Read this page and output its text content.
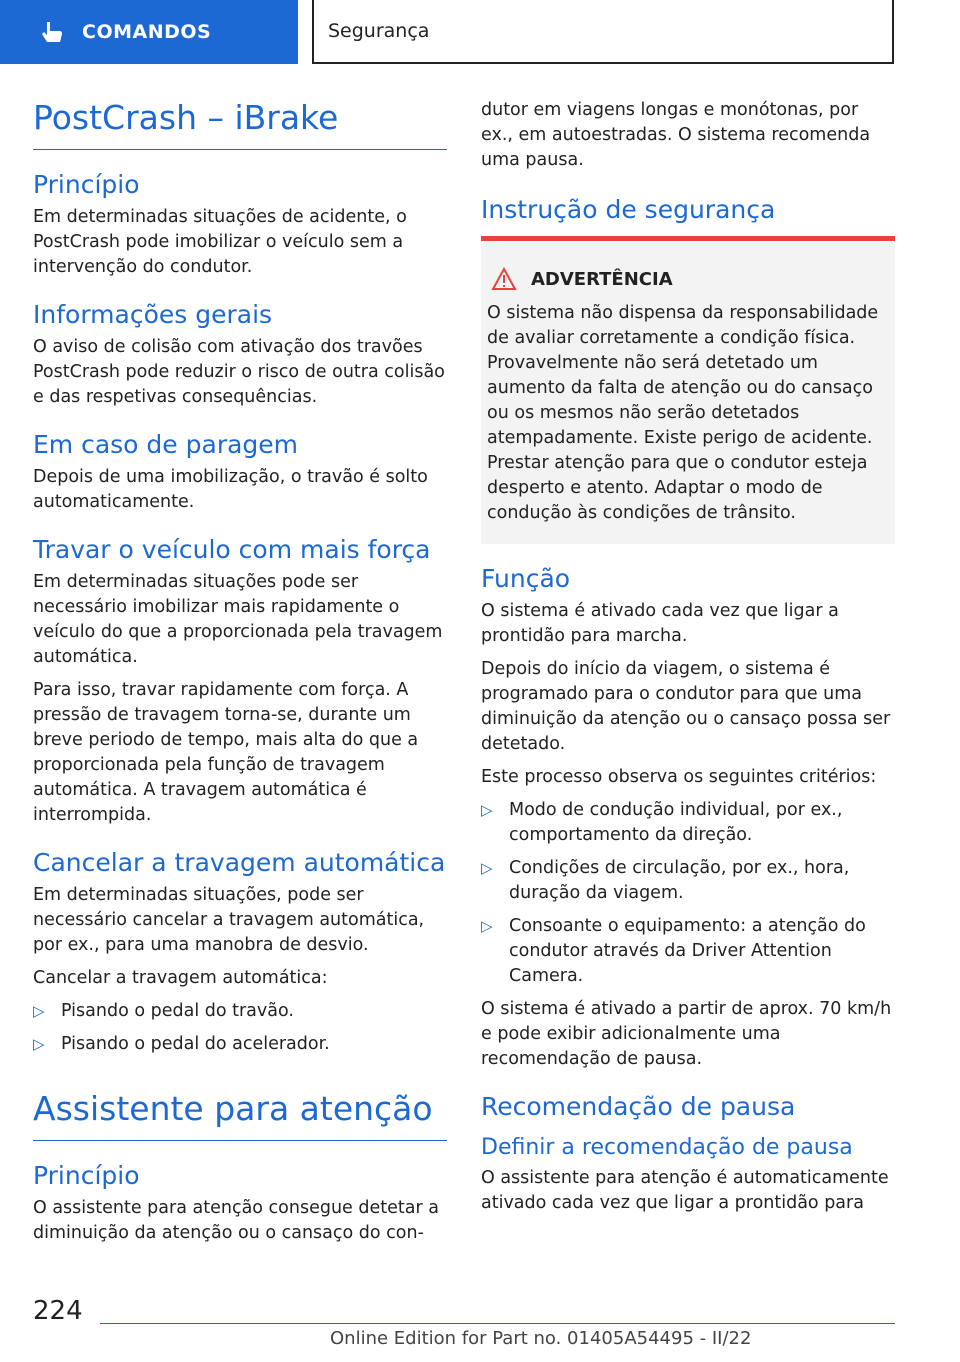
COMANDOS	Segurança
PostCrash – iBrake
Princípio

Em determinadas situações de acidente, o PostCrash pode imobilizar o veículo sem a intervenção do condutor.

Informações gerais

O aviso de colisão com ativação dos travões PostCrash pode reduzir o risco de outra colisão e das respetivas consequências.

Em caso de paragem

Depois de uma imobilização, o travão é solto automaticamente.

Travar o veículo com mais força

Em determinadas situações pode ser necessário imobilizar mais rapidamente o veículo do que a proporcionada pela travagem automática.

Para isso, travar rapidamente com força. A pressão de travagem torna-se, durante um breve periodo de tempo, mais alta do que a proporcionada pela função de travagem automática. A travagem automática é interrompida.

Cancelar a travagem automática

Em determinadas situações, pode ser necessário cancelar a travagem automática, por ex., para uma manobra de desvio.

Cancelar a travagem automática:

▷ Pisando o pedal do travão.
▷ Pisando o pedal do acelerador.
Assistente para atenção
Princípio

O assistente para atenção consegue detetar a diminuição da atenção ou o cansaço do con-

dutor em viagens longas e monótonas, por ex., em autoestradas. O sistema recomenda uma pausa.

Instrução de segurança
ADVERTÊNCIA

O sistema não dispensa da responsabilidade de avaliar corretamente a condição física. Provavelmente não será detetado um aumento da falta de atenção ou do cansaço ou os mesmos não serão detetados atempadamente. Existe perigo de acidente. Prestar atenção para que o condutor esteja desperto e atento. Adaptar o modo de condução às condições de trânsito.

Função

O sistema é ativado cada vez que ligar a prontidão para marcha.

Depois do início da viagem, o sistema é programado para o condutor para que uma diminuição da atenção ou o cansaço possa ser detetado.

Este processo observa os seguintes critérios:

▷ Modo de condução individual, por ex., comportamento da direção.
▷ Condições de circulação, por ex., hora, duração da viagem.
▷ Consoante o equipamento: a atenção do condutor através da Driver Attention Camera.

O sistema é ativado a partir de aprox. 70 km/h e pode exibir adicionalmente uma recomendação de pausa.

Recomendação de pausa
Definir a recomendação de pausa

O assistente para atenção é automaticamente ativado cada vez que ligar a prontidão para

224
Online Edition for Part no. 01405A54495 - II/22
